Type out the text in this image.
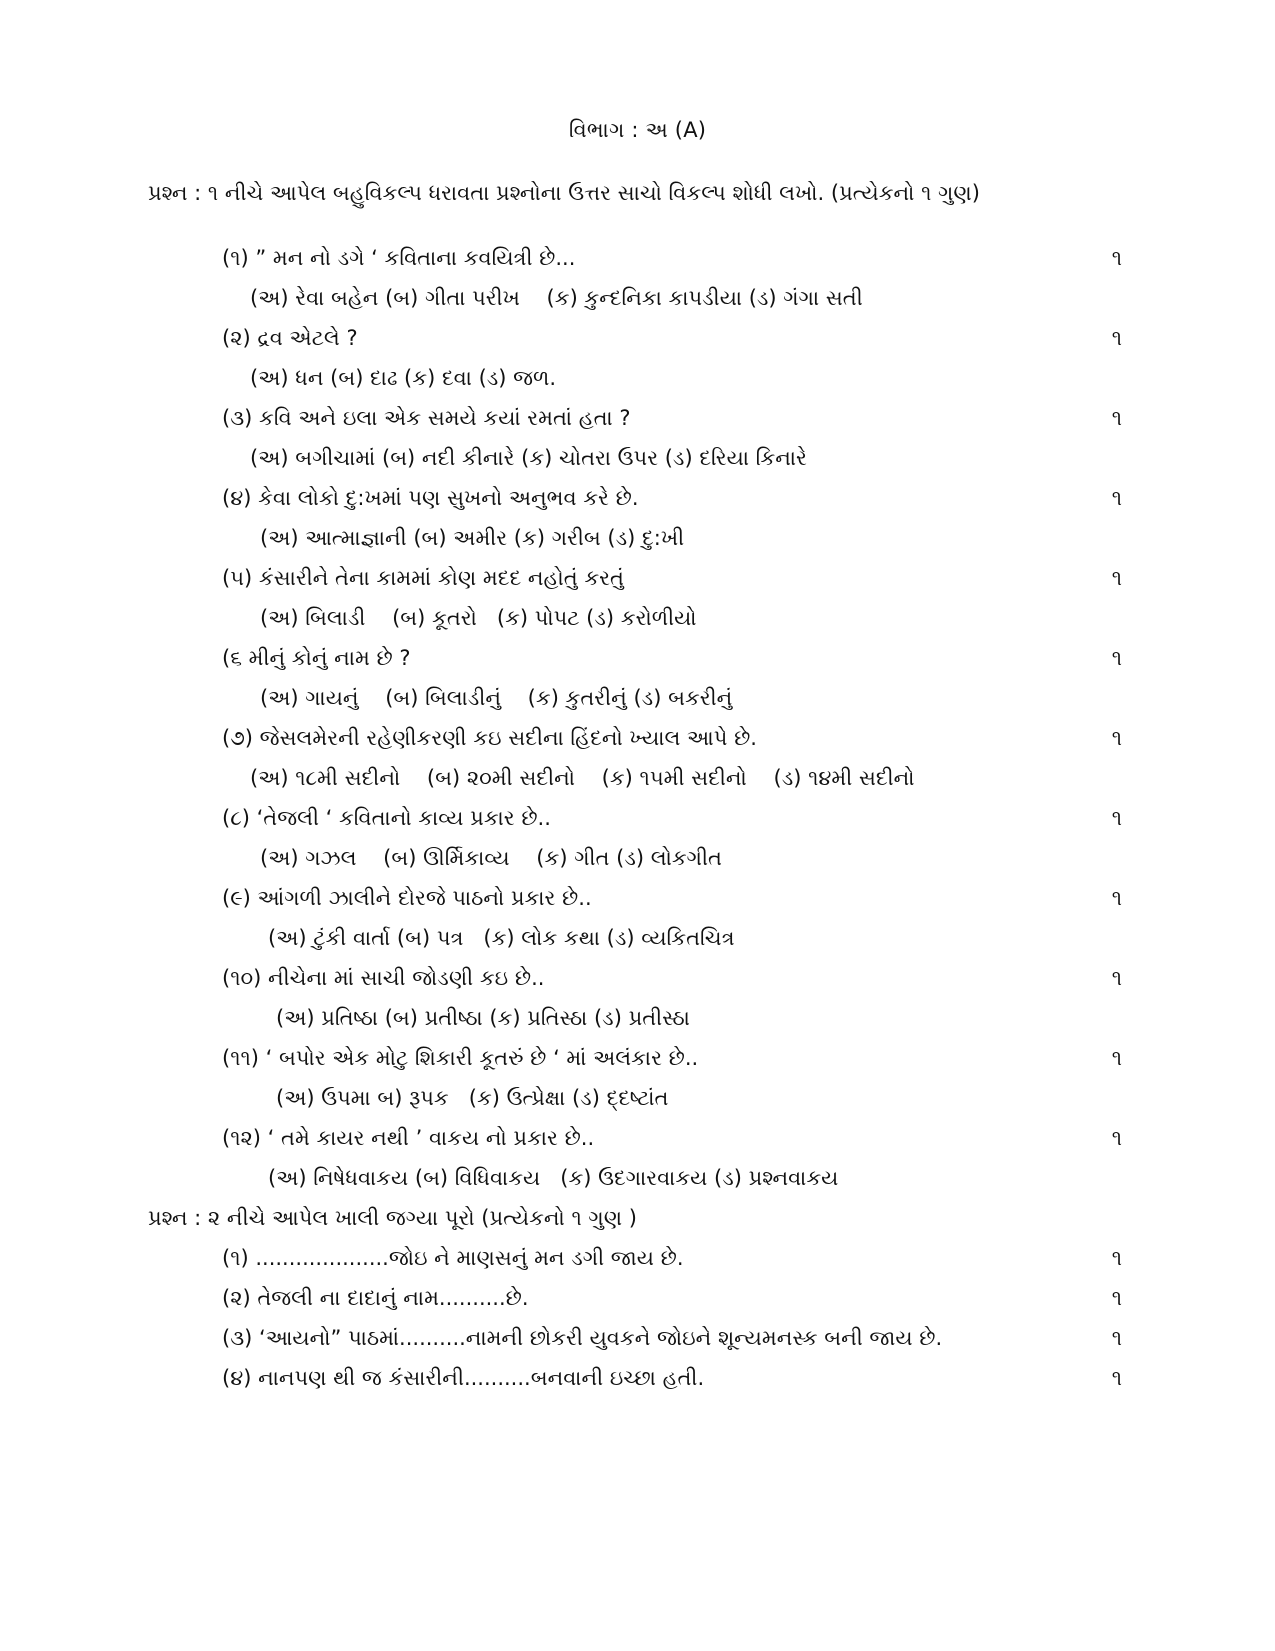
વિભાગ : અ (A)
પ્રશ્ન : ૧ નીચે આપેલ બહુવિકલ્પ ધરાવતા પ્રશ્નોના ઉત્તર સાચો વિકલ્પ શોધી લખો. (પ્રત્યેકનો ૧ ગુણ)
(૧) ” મન નો ડગે ‘ કવિતાના કવયિત્રી છે...	૧
(અ) રેવા બહેન (બ) ગીતા પરીખ    (ક) કુન્દનિકા કાપડીયા (ડ) ગંગા સતી
(૨) દ્રવ એટલે ?	૧
(અ) ધન (બ) દાઢ (ક) દવા (ડ) જળ.
(૩) કવિ અને ઇલા એક સમયે કયાં રમતાં હતા ?	૧
(અ) બગીચામાં (બ) નદી કીનારે (ક) ચોતરા ઉપર (ડ) દરિયા કિનારે
(૪) કેવા લોકો દુ:ખમાં પણ સુખનો અનુભવ કરે છે.	૧
(અ) આત્માજ્ઞાની (બ) અમીર (ક) ગરીબ (ડ) દુ:ખી
(૫) કંસારીને તેના કામમાં કોણ મદદ નહોતું કરતું	૧
(અ) બિલાડી    (બ) કૂતરો   (ક) પોપટ (ડ) કરોળીયો
(૬ મીનું કોનું નામ છે ?	૧
(અ) ગાયનું    (બ) બિલાડીનું    (ક) કુતરીનું (ડ) બકરીનું
(૭) જેસલમેરની રહેણીકરણી કઇ સદીના હિંદનો ખ્યાલ આપે છે.	૧
(અ) ૧૮મી સદીનો    (બ) ૨૦મી સદીનો    (ક) ૧૫મી સદીનો    (ડ) ૧૪મી સદીનો
(૮) ‘તેજલી ‘ કવિતાનો કાવ્ય પ્રકાર છે..	૧
(અ) ગઝલ    (બ) ઊર્મિકાવ્ય    (ક) ગીત (ડ) લોકગીત
(૯) આંગળી ઝાલીને દોરજે પાઠનો પ્રકાર છે..	૧
(અ) ટુંકી વાર્તા (બ) પત્ર   (ક) લોક કથા (ડ) વ્યકિતચિત્ર
(૧૦) નીચેના માં સાચી જોડણી કઇ છે..	૧
(અ) પ્રતિષ્ઠા (બ) પ્રતીષ્ઠા (ક) પ્રતિસ્ઠા (ડ) પ્રતીસ્ઠા
(૧૧) ‘ બપોર એક મોટુ શિકારી કૂતરું છે ‘ માં અલંકાર છે..	૧
(અ) ઉપમા બ) રૂપક   (ક) ઉત્પ્રેક્ષા (ડ) દ્દષ્ટાંત
(૧૨) ‘ તમે કાયર નથી ’ વાકય નો પ્રકાર છે..	૧
(અ) નિષેધવાકય (બ) વિધિવાકય   (ક) ઉદગારવાકય (ડ) પ્રશ્નવાકય
પ્રશ્ન : ૨ નીચે આપેલ ખાલી જગ્યા પૂરો (પ્રત્યેકનો ૧ ગુણ )
(૧) ....................જોઇ ને માણસનું મન ડગી જાય છે.	૧
(૨) તેજલી ના દાદાનું નામ..........છે.	૧
(૩) ‘આયનો” પાઠમાં..........નામની છોકરી યુવકને જોઇને શૂન્યમનસ્ક બની જાય છે.	૧
(૪) નાનપણ થી જ કંસારીની..........બનવાની ઇચ્છા હતી.	૧
